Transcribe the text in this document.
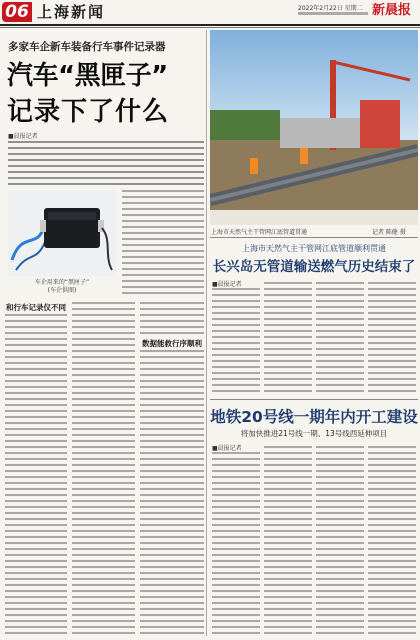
06 上海新闻	2022年2月22日 星期二 新晨报
多家车企新车装备行车事件记录器
汽车“黑匣子”
记录下了什么
■晨报记者
车企用来的“黑匣子”
(车企供图)
和行车记录仪不同
数据能救行序顺利
上海市天然气主干管网江底管道贯通	记者 陈健 摄
上海市天然气主干管网江底管道顺利贯通
长兴岛无管道输送燃气历史结束了
■晨报记者
地铁20号线一期年内开工建设
将加快推进21号线一期、13号线西延伸项目
■晨报记者
